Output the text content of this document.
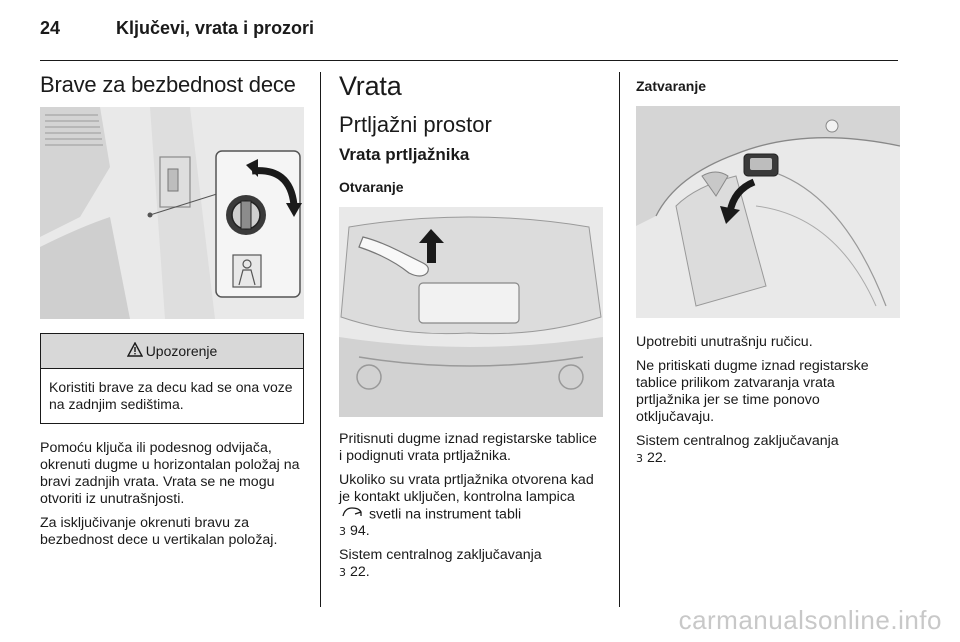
24	Ključevi, vrata i prozori
Brave za bezbednost dece
Upozorenje
Koristiti brave za decu kad se ona voze na zadnjim sedištima.

Pomoću ključa ili podesnog odvijača, okrenuti dugme u horizontalan položaj na bravi zadnjih vrata. Vrata se ne mogu otvoriti iz unutrašnjosti.

Za isključivanje okrenuti bravu za bezbednost dece u vertikalan položaj.

Vrata
Prtljažni prostor
Vrata prtljažnika
Otvaranje

Pritisnuti dugme iznad registarske tablice i podignuti vrata prtljažnika.

Ukoliko su vrata prtljažnika otvorena kad je kontakt uključen, kontrolna lampica  svetli na instrument tabli
3 94.

Sistem centralnog zaključavanja
3 22.

Zatvaranje

Upotrebiti unutrašnju ručicu.

Ne pritiskati dugme iznad registarske tablice prilikom zatvaranja vrata prtljažnika jer se time ponovo otključavaju.

Sistem centralnog zaključavanja
3 22.

carmanualsonline.info
